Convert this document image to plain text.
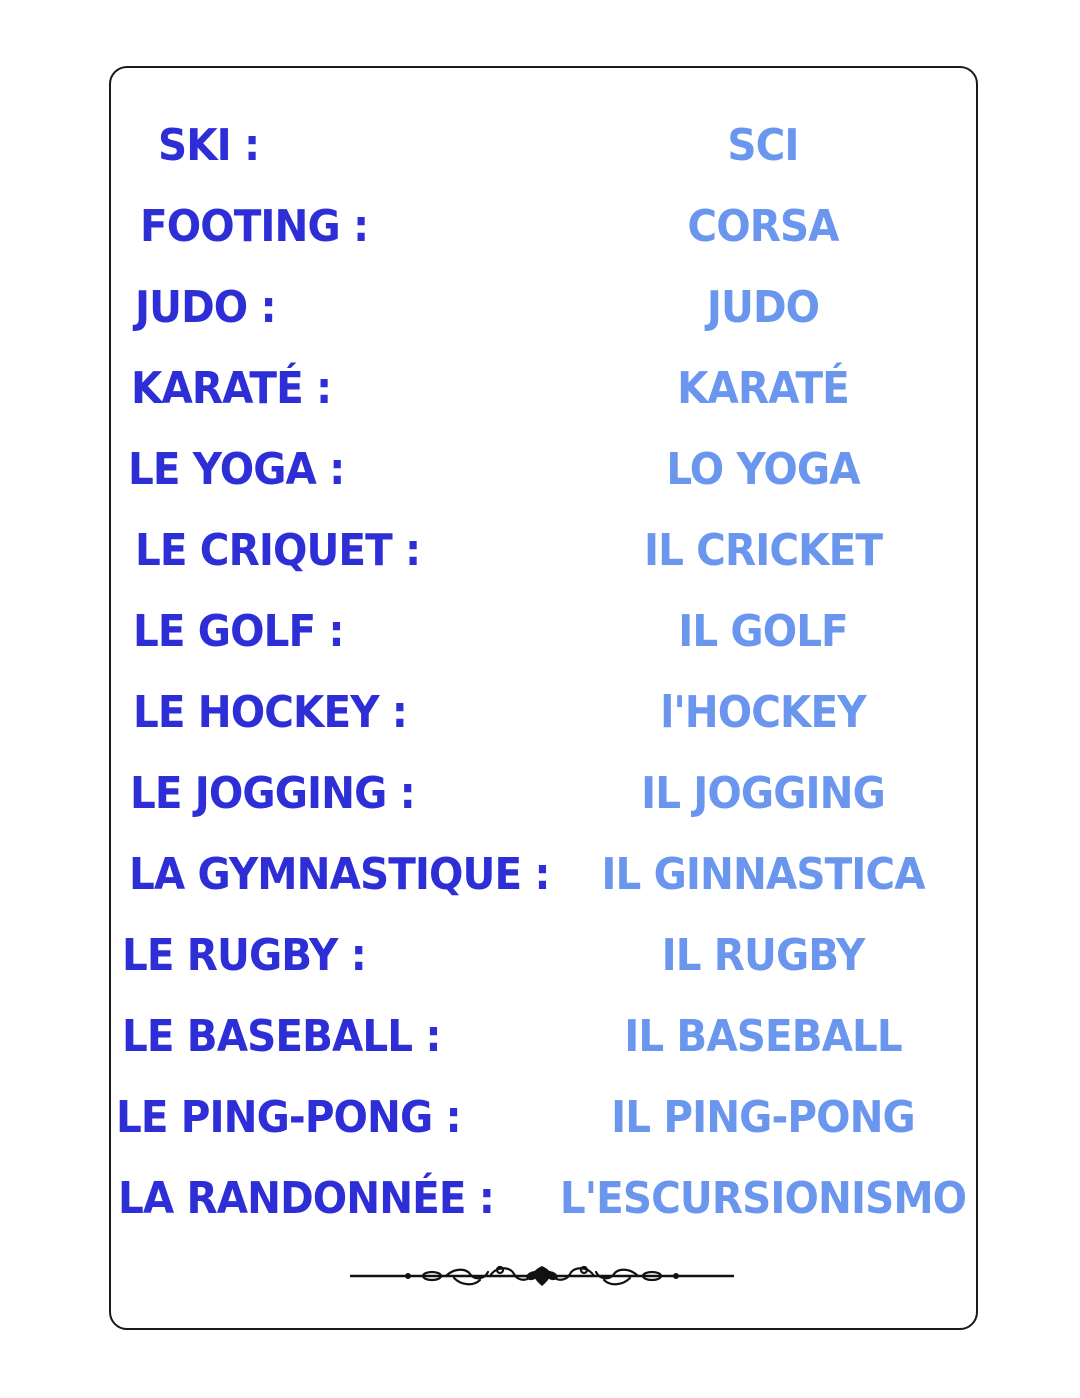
SKI :	SCI
FOOTING :	CORSA
JUDO :	JUDO
KARATÉ :	KARATÉ
LE YOGA :	LO YOGA
LE CRIQUET :	IL CRICKET
LE GOLF :	IL GOLF
LE HOCKEY :	l'HOCKEY
LE JOGGING :	IL JOGGING
LA GYMNASTIQUE : IL GINNASTICA
LE RUGBY :	IL RUGBY
LE BASEBALL :	IL BASEBALL
LE PING-PONG :	IL PING-PONG
LA RANDONNÉE : L'ESCURSIONISMO
